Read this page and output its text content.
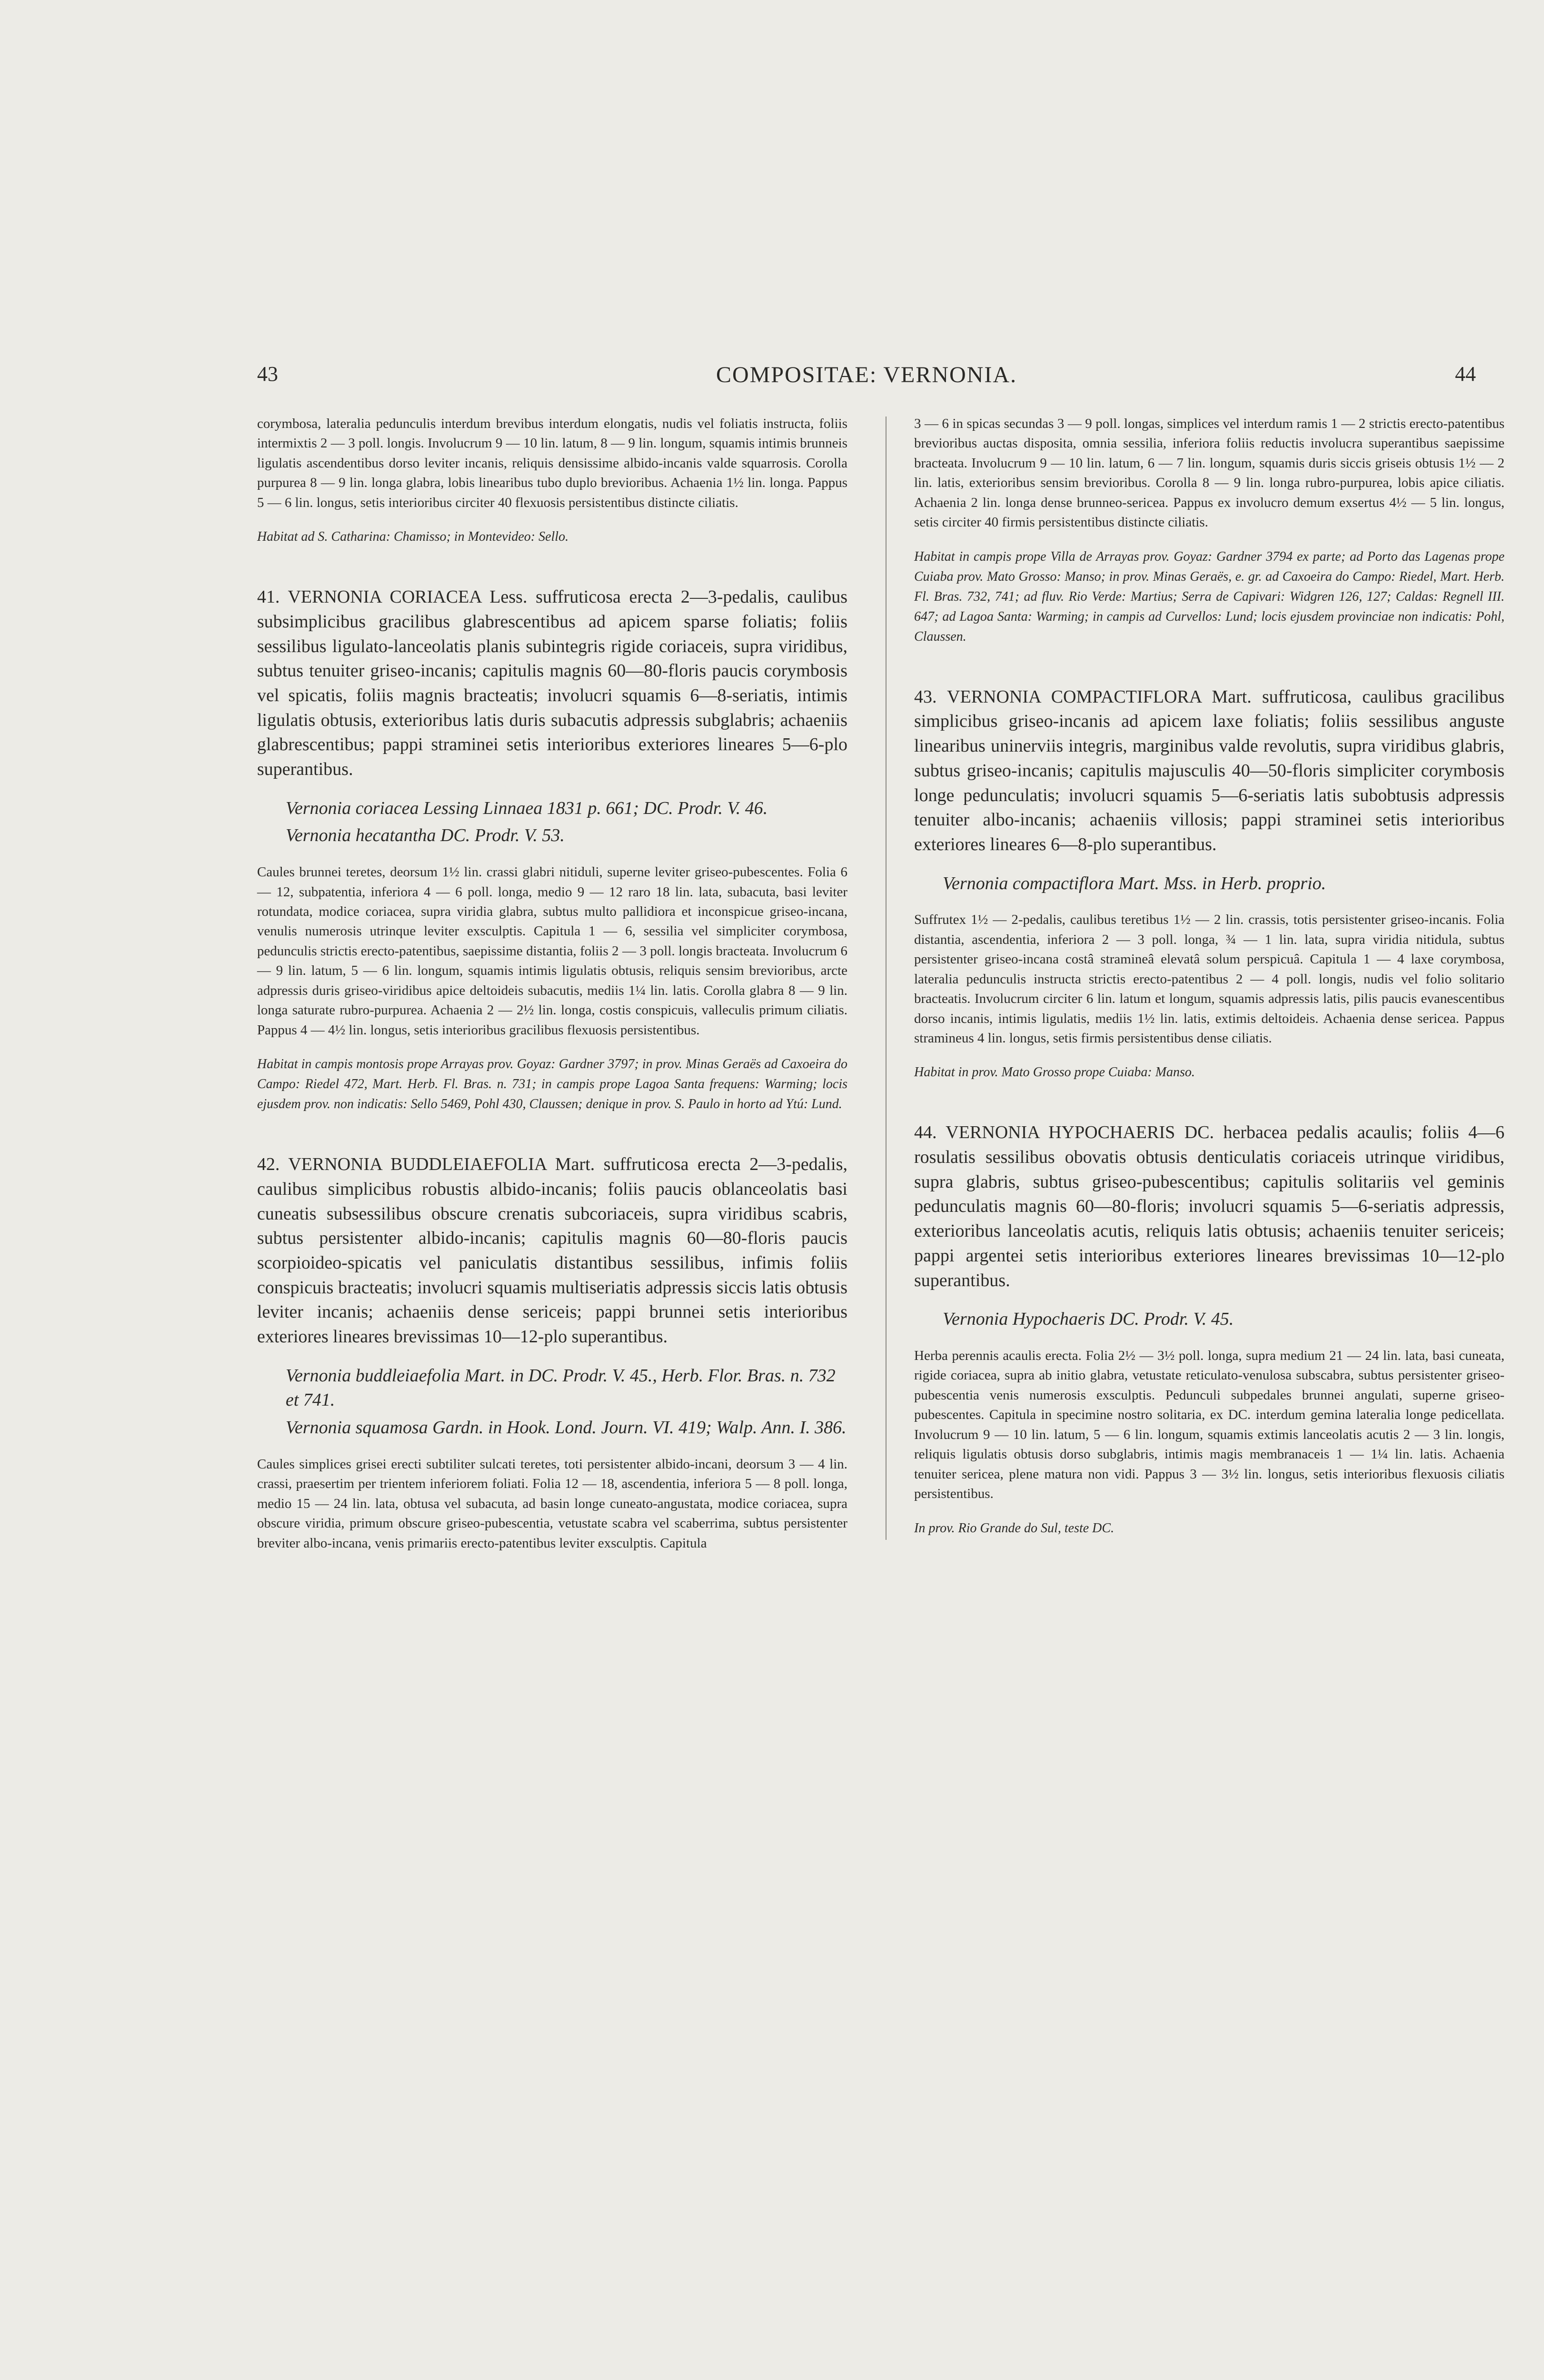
43	COMPOSITAE: VERNONIA.	44

corymbosa, lateralia pedunculis interdum brevibus interdum elongatis, nudis vel foliatis instructa, foliis intermixtis 2 — 3 poll. longis. Involucrum 9 — 10 lin. latum, 8 — 9 lin. longum, squamis intimis brunneis ligulatis ascendentibus dorso leviter incanis, reliquis densissime albido-incanis valde squarrosis. Corolla purpurea 8 — 9 lin. longa glabra, lobis linearibus tubo duplo brevioribus. Achaenia 1½ lin. longa. Pappus 5 — 6 lin. longus, setis interioribus circiter 40 flexuosis persistentibus distincte ciliatis.

Habitat ad S. Catharina: Chamisso; in Montevideo: Sello.

41. VERNONIA CORIACEA Less. suffruticosa erecta 2—3-pedalis, caulibus subsimplicibus gracilibus glabrescentibus ad apicem sparse foliatis; foliis sessilibus ligulato-lanceolatis planis subintegris rigide coriaceis, supra viridibus, subtus tenuiter griseo-incanis; capitulis magnis 60—80-floris paucis corymbosis vel spicatis, foliis magnis bracteatis; involucri squamis 6—8-seriatis, intimis ligulatis obtusis, exterioribus latis duris subacutis adpressis subglabris; achaeniis glabrescentibus; pappi straminei setis interioribus exteriores lineares 5—6-plo superantibus.

Vernonia coriacea Lessing Linnaea 1831 p. 661; DC. Prodr. V. 46.

Vernonia hecatantha DC. Prodr. V. 53.

Caules brunnei teretes, deorsum 1½ lin. crassi glabri nitiduli, superne leviter griseo-pubescentes. Folia 6 — 12, subpatentia, inferiora 4 — 6 poll. longa, medio 9 — 12 raro 18 lin. lata, subacuta, basi leviter rotundata, modice coriacea, supra viridia glabra, subtus multo pallidiora et inconspicue griseo-incana, venulis numerosis utrinque leviter exsculptis. Capitula 1 — 6, sessilia vel simpliciter corymbosa, pedunculis strictis erecto-patentibus, saepissime distantia, foliis 2 — 3 poll. longis bracteata. Involucrum 6 — 9 lin. latum, 5 — 6 lin. longum, squamis intimis ligulatis obtusis, reliquis sensim brevioribus, arcte adpressis duris griseo-viridibus apice deltoideis subacutis, mediis 1¼ lin. latis. Corolla glabra 8 — 9 lin. longa saturate rubro-purpurea. Achaenia 2 — 2½ lin. longa, costis conspicuis, valleculis primum ciliatis. Pappus 4 — 4½ lin. longus, setis interioribus gracilibus flexuosis persistentibus.

Habitat in campis montosis prope Arrayas prov. Goyaz: Gardner 3797; in prov. Minas Geraës ad Caxoeira do Campo: Riedel 472, Mart. Herb. Fl. Bras. n. 731; in campis prope Lagoa Santa frequens: Warming; locis ejusdem prov. non indicatis: Sello 5469, Pohl 430, Claussen; denique in prov. S. Paulo in horto ad Ytú: Lund.

42. VERNONIA BUDDLEIAEFOLIA Mart. suffruticosa erecta 2—3-pedalis, caulibus simplicibus robustis albido-incanis; foliis paucis oblanceolatis basi cuneatis subsessilibus obscure crenatis subcoriaceis, supra viridibus scabris, subtus persistenter albido-incanis; capitulis magnis 60—80-floris paucis scorpioideo-spicatis vel paniculatis distantibus sessilibus, infimis foliis conspicuis bracteatis; involucri squamis multiseriatis adpressis siccis latis obtusis leviter incanis; achaeniis dense sericeis; pappi brunnei setis interioribus exteriores lineares brevissimas 10—12-plo superantibus.

Vernonia buddleiaefolia Mart. in DC. Prodr. V. 45., Herb. Flor. Bras. n. 732 et 741.

Vernonia squamosa Gardn. in Hook. Lond. Journ. VI. 419; Walp. Ann. I. 386.

Caules simplices grisei erecti subtiliter sulcati teretes, toti persistenter albido-incani, deorsum 3 — 4 lin. crassi, praesertim per trientem inferiorem foliati. Folia 12 — 18, ascendentia, inferiora 5 — 8 poll. longa, medio 15 — 24 lin. lata, obtusa vel subacuta, ad basin longe cuneato-angustata, modice coriacea, supra obscure viridia, primum obscure griseo-pubescentia, vetustate scabra vel scaberrima, subtus persistenter breviter albo-incana, venis primariis erecto-patentibus leviter exsculptis. Capitula

3 — 6 in spicas secundas 3 — 9 poll. longas, simplices vel interdum ramis 1 — 2 strictis erecto-patentibus brevioribus auctas disposita, omnia sessilia, inferiora foliis reductis involucra superantibus saepissime bracteata. Involucrum 9 — 10 lin. latum, 6 — 7 lin. longum, squamis duris siccis griseis obtusis 1½ — 2 lin. latis, exterioribus sensim brevioribus. Corolla 8 — 9 lin. longa rubro-purpurea, lobis apice ciliatis. Achaenia 2 lin. longa dense brunneo-sericea. Pappus ex involucro demum exsertus 4½ — 5 lin. longus, setis circiter 40 firmis persistentibus distincte ciliatis.

Habitat in campis prope Villa de Arrayas prov. Goyaz: Gardner 3794 ex parte; ad Porto das Lagenas prope Cuiaba prov. Mato Grosso: Manso; in prov. Minas Geraës, e. gr. ad Caxoeira do Campo: Riedel, Mart. Herb. Fl. Bras. 732, 741; ad fluv. Rio Verde: Martius; Serra de Capivari: Widgren 126, 127; Caldas: Regnell III. 647; ad Lagoa Santa: Warming; in campis ad Curvellos: Lund; locis ejusdem provinciae non indicatis: Pohl, Claussen.

43. VERNONIA COMPACTIFLORA Mart. suffruticosa, caulibus gracilibus simplicibus griseo-incanis ad apicem laxe foliatis; foliis sessilibus anguste linearibus uninerviis integris, marginibus valde revolutis, supra viridibus glabris, subtus griseo-incanis; capitulis majusculis 40—50-floris simpliciter corymbosis longe pedunculatis; involucri squamis 5—6-seriatis latis subobtusis adpressis tenuiter albo-incanis; achaeniis villosis; pappi straminei setis interioribus exteriores lineares 6—8-plo superantibus.

Vernonia compactiflora Mart. Mss. in Herb. proprio.

Suffrutex 1½ — 2-pedalis, caulibus teretibus 1½ — 2 lin. crassis, totis persistenter griseo-incanis. Folia distantia, ascendentia, inferiora 2 — 3 poll. longa, ¾ — 1 lin. lata, supra viridia nitidula, subtus persistenter griseo-incana costâ stramineâ elevatâ solum perspicuâ. Capitula 1 — 4 laxe corymbosa, lateralia pedunculis instructa strictis erecto-patentibus 2 — 4 poll. longis, nudis vel folio solitario bracteatis. Involucrum circiter 6 lin. latum et longum, squamis adpressis latis, pilis paucis evanescentibus dorso incanis, intimis ligulatis, mediis 1½ lin. latis, extimis deltoideis. Achaenia dense sericea. Pappus stramineus 4 lin. longus, setis firmis persistentibus dense ciliatis.

Habitat in prov. Mato Grosso prope Cuiaba: Manso.

44. VERNONIA HYPOCHAERIS DC. herbacea pedalis acaulis; foliis 4—6 rosulatis sessilibus obovatis obtusis denticulatis coriaceis utrinque viridibus, supra glabris, subtus griseo-pubescentibus; capitulis solitariis vel geminis pedunculatis magnis 60—80-floris; involucri squamis 5—6-seriatis adpressis, exterioribus lanceolatis acutis, reliquis latis obtusis; achaeniis tenuiter sericeis; pappi argentei setis interioribus exteriores lineares brevissimas 10—12-plo superantibus.

Vernonia Hypochaeris DC. Prodr. V. 45.

Herba perennis acaulis erecta. Folia 2½ — 3½ poll. longa, supra medium 21 — 24 lin. lata, basi cuneata, rigide coriacea, supra ab initio glabra, vetustate reticulato-venulosa subscabra, subtus persistenter griseo-pubescentia venis numerosis exsculptis. Pedunculi subpedales brunnei angulati, superne griseo-pubescentes. Capitula in specimine nostro solitaria, ex DC. interdum gemina lateralia longe pedicellata. Involucrum 9 — 10 lin. latum, 5 — 6 lin. longum, squamis extimis lanceolatis acutis 2 — 3 lin. longis, reliquis ligulatis obtusis dorso subglabris, intimis magis membranaceis 1 — 1¼ lin. latis. Achaenia tenuiter sericea, plene matura non vidi. Pappus 3 — 3½ lin. longus, setis interioribus flexuosis ciliatis persistentibus.

In prov. Rio Grande do Sul, teste DC.
